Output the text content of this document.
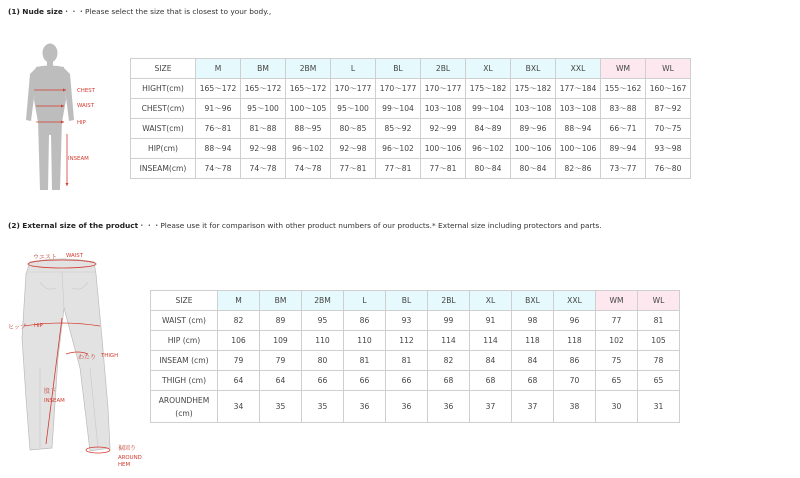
(1) Nude size・・・Please select the size that is closest to your body.,
CHEST
WAIST
HIP
INSEAM
SIZE	M	BM	2BM	L	BL	2BL	XL	BXL	XXL	WM	WL
HIGHT(cm)	165～172	165～172	165～172	170～177	170～177	170～177	175～182	175～182	177～184	155～162	160～167
CHEST(cm)	91～96	95～100	100～105	95～100	99～104	103～108	99～104	103～108	103～108	83～88	87～92
WAIST(cm)	76～81	81～88	88～95	80～85	85～92	92～99	84～89	89～96	88～94	66～71	70～75
HIP(cm)	88～94	92～98	96～102	92～98	96～102	100～106	96～102	100～106	100～106	89～94	93～98
INSEAM(cm)	74～78	74～78	74～78	77～81	77～81	77～81	80～84	80～84	82～86	73～77	76～80
(2) External size of the product・・・Please use it for comparison with other product numbers of our products.* External size including protectors and parts.
ウエスト WAIST
ヒップ HIP
わたり THIGH
股下
INSEAM
裾回り
AROUND
HEM
SIZE	M	BM	2BM	L	BL	2BL	XL	BXL	XXL	WM	WL
WAIST (cm)	82	89	95	86	93	99	91	98	96	77	81
HIP (cm)	106	109	110	110	112	114	114	118	118	102	105
INSEAM (cm)	79	79	80	81	81	82	84	84	86	75	78
THIGH (cm)	64	64	66	66	66	68	68	68	70	65	65
AROUNDHEM (cm)	34	35	35	36	36	36	37	37	38	30	31
